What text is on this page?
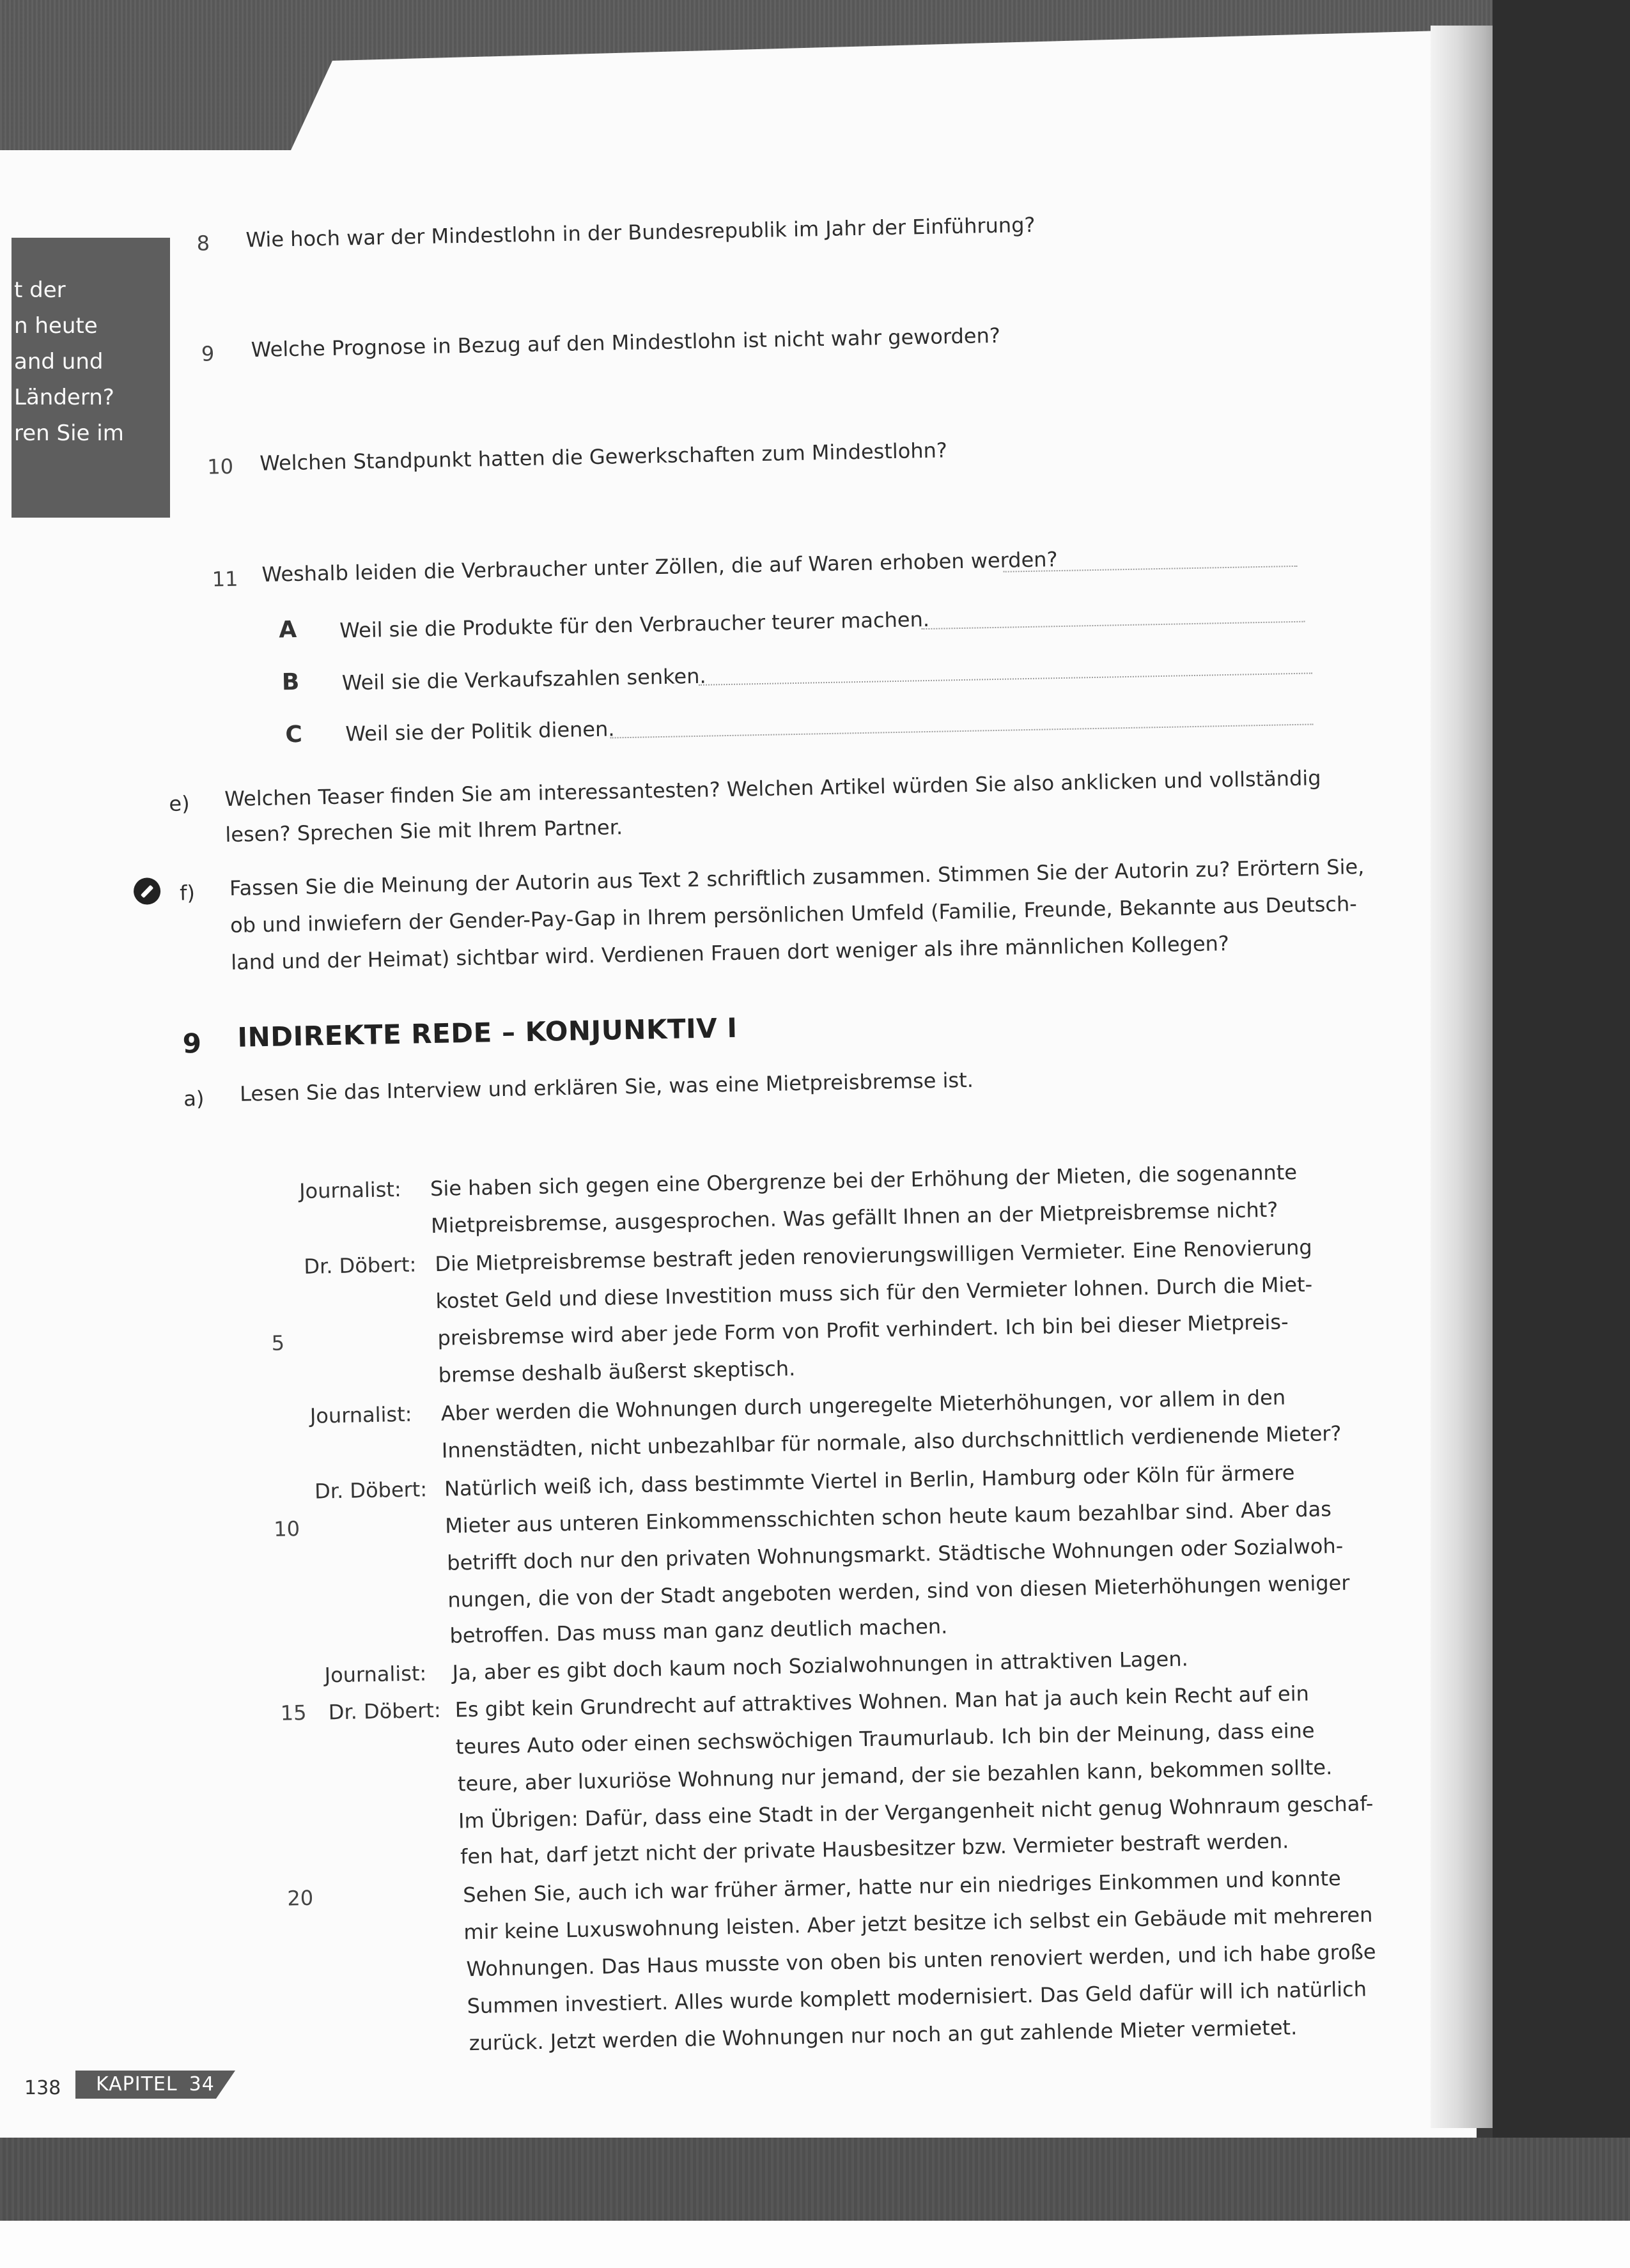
t der
n heute
and und
Ländern?
ren Sie im
8 Wie hoch war der Mindestlohn in der Bundesrepublik im Jahr der Einführung?
9 Welche Prognose in Bezug auf den Mindestlohn ist nicht wahr geworden?
10 Welchen Standpunkt hatten die Gewerkschaften zum Mindestlohn?
11 Weshalb leiden die Verbraucher unter Zöllen, die auf Waren erhoben werden?
A Weil sie die Produkte für den Verbraucher teurer machen.
B Weil sie die Verkaufszahlen senken.
C Weil sie der Politik dienen.
e) Welchen Teaser finden Sie am interessantesten? Welchen Artikel würden Sie also anklicken und vollständig
lesen? Sprechen Sie mit Ihrem Partner.
f) Fassen Sie die Meinung der Autorin aus Text 2 schriftlich zusammen. Stimmen Sie der Autorin zu? Erörtern Sie,
ob und inwiefern der Gender-Pay-Gap in Ihrem persönlichen Umfeld (Familie, Freunde, Bekannte aus Deutsch-
land und der Heimat) sichtbar wird. Verdienen Frauen dort weniger als ihre männlichen Kollegen?
9 INDIREKTE REDE – KONJUNKTIV I
a) Lesen Sie das Interview und erklären Sie, was eine Mietpreisbremse ist.
Journalist:
Dr. Döbert:
Journalist:
Dr. Döbert:
Journalist:
Dr. Döbert:
5
10
15
20
Sie haben sich gegen eine Obergrenze bei der Erhöhung der Mieten, die sogenannte
Mietpreisbremse, ausgesprochen. Was gefällt Ihnen an der Mietpreisbremse nicht?
Die Mietpreisbremse bestraft jeden renovierungswilligen Vermieter. Eine Renovierung
kostet Geld und diese Investition muss sich für den Vermieter lohnen. Durch die Miet-
preisbremse wird aber jede Form von Profit verhindert. Ich bin bei dieser Mietpreis-
bremse deshalb äußerst skeptisch.
Aber werden die Wohnungen durch ungeregelte Mieterhöhungen, vor allem in den
Innenstädten, nicht unbezahlbar für normale, also durchschnittlich verdienende Mieter?
Natürlich weiß ich, dass bestimmte Viertel in Berlin, Hamburg oder Köln für ärmere
Mieter aus unteren Einkommensschichten schon heute kaum bezahlbar sind. Aber das
betrifft doch nur den privaten Wohnungsmarkt. Städtische Wohnungen oder Sozialwoh-
nungen, die von der Stadt angeboten werden, sind von diesen Mieterhöhungen weniger
betroffen. Das muss man ganz deutlich machen.
Ja, aber es gibt doch kaum noch Sozialwohnungen in attraktiven Lagen.
Es gibt kein Grundrecht auf attraktives Wohnen. Man hat ja auch kein Recht auf ein
teures Auto oder einen sechswöchigen Traumurlaub. Ich bin der Meinung, dass eine
teure, aber luxuriöse Wohnung nur jemand, der sie bezahlen kann, bekommen sollte.
Im Übrigen: Dafür, dass eine Stadt in der Vergangenheit nicht genug Wohnraum geschaf-
fen hat, darf jetzt nicht der private Hausbesitzer bzw. Vermieter bestraft werden.
Sehen Sie, auch ich war früher ärmer, hatte nur ein niedriges Einkommen und konnte
mir keine Luxuswohnung leisten. Aber jetzt besitze ich selbst ein Gebäude mit mehreren
Wohnungen. Das Haus musste von oben bis unten renoviert werden, und ich habe große
Summen investiert. Alles wurde komplett modernisiert. Das Geld dafür will ich natürlich
zurück. Jetzt werden die Wohnungen nur noch an gut zahlende Mieter vermietet.
138 KAPITEL 34
